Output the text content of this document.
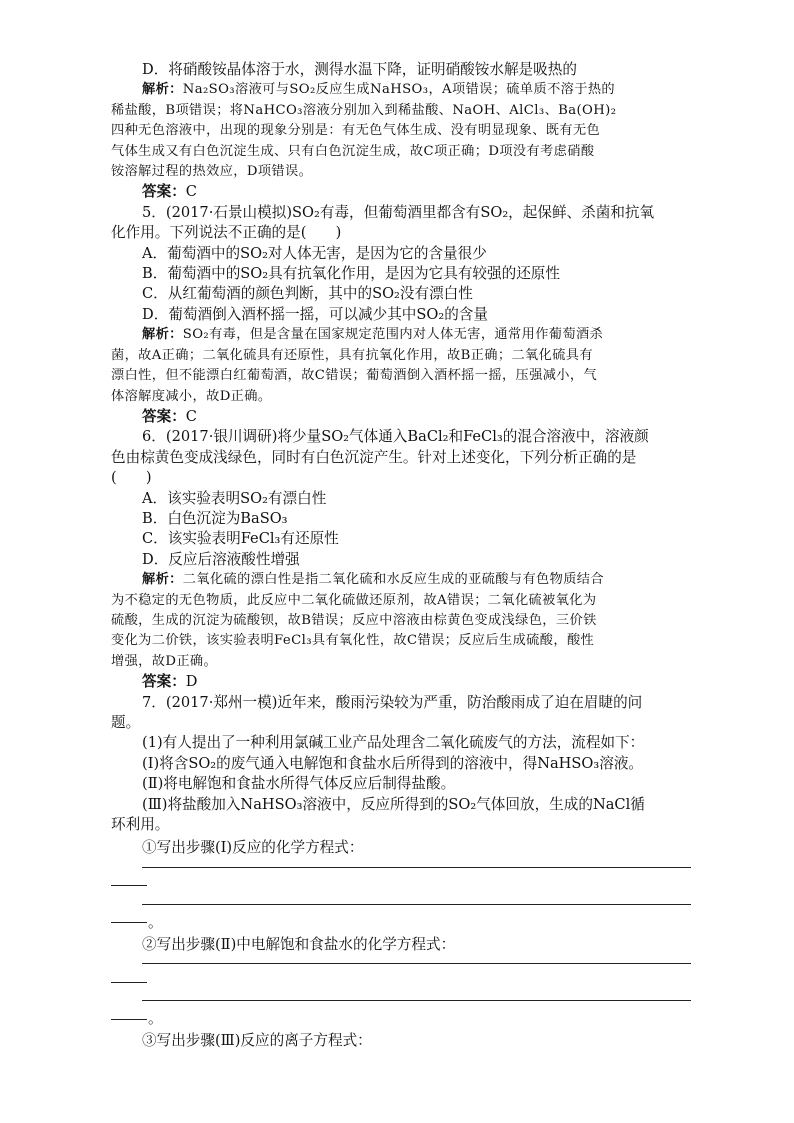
D．将硝酸铵晶体溶于水，测得水温下降，证明硝酸铵水解是吸热的
解析：Na₂SO₃溶液可与SO₂反应生成NaHSO₃，A项错误；硫单质不溶于热的
稀盐酸，B项错误；将NaHCO₃溶液分别加入到稀盐酸、NaOH、AlCl₃、Ba(OH)₂
四种无色溶液中，出现的现象分别是：有无色气体生成、没有明显现象、既有无色
气体生成又有白色沉淀生成、只有白色沉淀生成，故C项正确；D项没有考虑硝酸
铵溶解过程的热效应，D项错误。
答案：C
5．(2017·石景山模拟)SO₂有毒，但葡萄酒里都含有SO₂，起保鲜、杀菌和抗氧
化作用。下列说法不正确的是(　　)
A．葡萄酒中的SO₂对人体无害，是因为它的含量很少
B．葡萄酒中的SO₂具有抗氧化作用，是因为它具有较强的还原性
C．从红葡萄酒的颜色判断，其中的SO₂没有漂白性
D．葡萄酒倒入酒杯摇一摇，可以减少其中SO₂的含量
解析：SO₂有毒，但是含量在国家规定范围内对人体无害，通常用作葡萄酒杀
菌，故A正确；二氧化硫具有还原性，具有抗氧化作用，故B正确；二氧化硫具有
漂白性，但不能漂白红葡萄酒，故C错误；葡萄酒倒入酒杯摇一摇，压强减小，气
体溶解度减小，故D正确。
答案：C
6．(2017·银川调研)将少量SO₂气体通入BaCl₂和FeCl₃的混合溶液中，溶液颜
色由棕黄色变成浅绿色，同时有白色沉淀产生。针对上述变化，下列分析正确的是
(　　)
A．该实验表明SO₂有漂白性
B．白色沉淀为BaSO₃
C．该实验表明FeCl₃有还原性
D．反应后溶液酸性增强
解析：二氧化硫的漂白性是指二氧化硫和水反应生成的亚硫酸与有色物质结合
为不稳定的无色物质，此反应中二氧化硫做还原剂，故A错误；二氧化硫被氧化为
硫酸，生成的沉淀为硫酸钡，故B错误；反应中溶液由棕黄色变成浅绿色，三价铁
变化为二价铁，该实验表明FeCl₃具有氧化性，故C错误；反应后生成硫酸，酸性
增强，故D正确。
答案：D
7．(2017·郑州一模)近年来，酸雨污染较为严重，防治酸雨成了迫在眉睫的问
题。
(1)有人提出了一种利用氯碱工业产品处理含二氧化硫废气的方法，流程如下：
(Ⅰ)将含SO₂的废气通入电解饱和食盐水后所得到的溶液中，得NaHSO₃溶液。
(Ⅱ)将电解饱和食盐水所得气体反应后制得盐酸。
(Ⅲ)将盐酸加入NaHSO₃溶液中，反应所得到的SO₂气体回放，生成的NaCl循
环利用。
①写出步骤(Ⅰ)反应的化学方程式：
。
②写出步骤(Ⅱ)中电解饱和食盐水的化学方程式：
。
③写出步骤(Ⅲ)反应的离子方程式：
